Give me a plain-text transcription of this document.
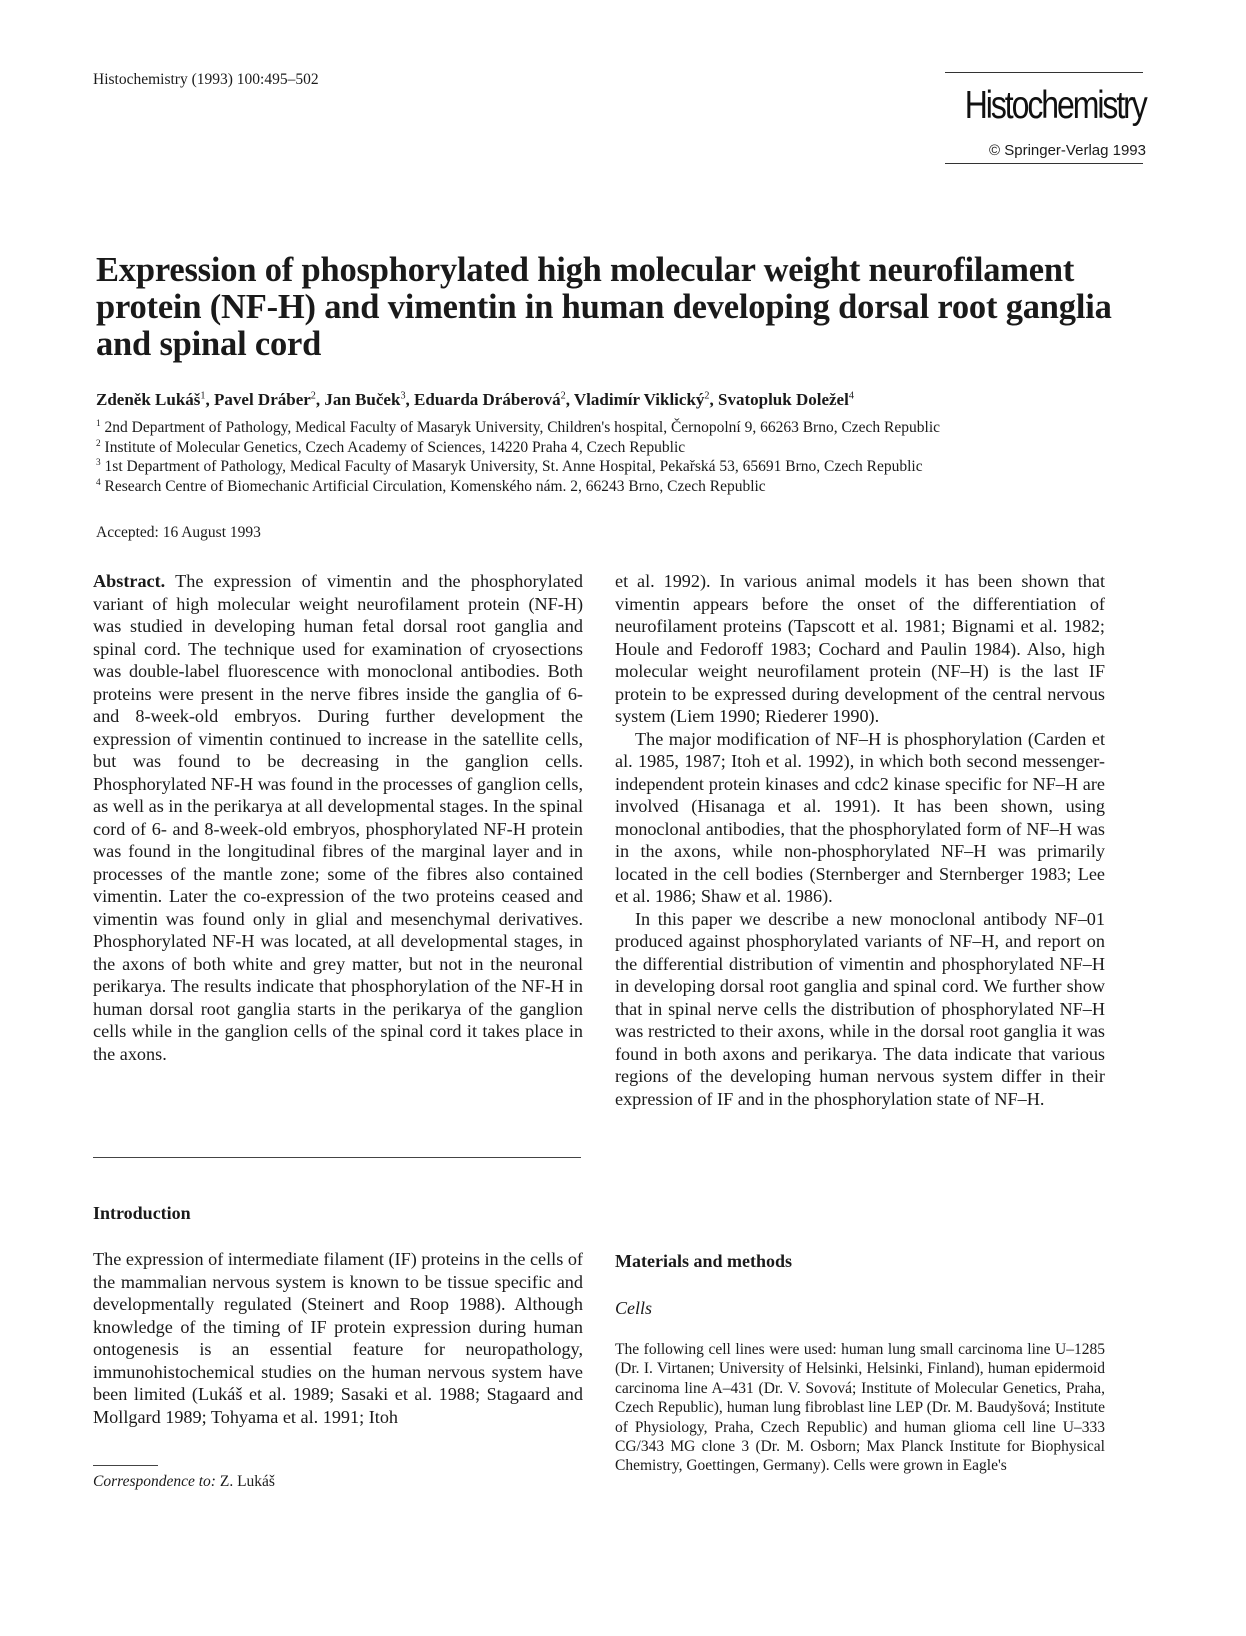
Histochemistry (1993) 100:495–502
Histochemistry
© Springer-Verlag 1993
Expression of phosphorylated high molecular weight neurofilament protein (NF-H) and vimentin in human developing dorsal root ganglia and spinal cord
Zdeněk Lukáš$^1$, Pavel Dráber$^2$, Jan Buček$^3$, Eduarda Dráberová$^2$, Vladimír Viklický$^2$, Svatopluk Doležel$^4$
$^1$ 2nd Department of Pathology, Medical Faculty of Masaryk University, Children's hospital, Černopolní 9, 66263 Brno, Czech Republic
$^2$ Institute of Molecular Genetics, Czech Academy of Sciences, 14220 Praha 4, Czech Republic
$^3$ 1st Department of Pathology, Medical Faculty of Masaryk University, St. Anne Hospital, Pekařská 53, 65691 Brno, Czech Republic
$^4$ Research Centre of Biomechanic Artificial Circulation, Komenského nám. 2, 66243 Brno, Czech Republic
Accepted: 16 August 1993

Abstract. The expression of vimentin and the phosphorylated variant of high molecular weight neurofilament protein (NF-H) was studied in developing human fetal dorsal root ganglia and spinal cord. The technique used for examination of cryosections was double-label fluorescence with monoclonal antibodies. Both proteins were present in the nerve fibres inside the ganglia of 6- and 8-week-old embryos. During further development the expression of vimentin continued to increase in the satellite cells, but was found to be decreasing in the ganglion cells. Phosphorylated NF-H was found in the processes of ganglion cells, as well as in the perikarya at all developmental stages. In the spinal cord of 6- and 8-week-old embryos, phosphorylated NF-H protein was found in the longitudinal fibres of the marginal layer and in processes of the mantle zone; some of the fibres also contained vimentin. Later the co-expression of the two proteins ceased and vimentin was found only in glial and mesenchymal derivatives. Phosphorylated NF-H was located, at all developmental stages, in the axons of both white and grey matter, but not in the neuronal perikarya. The results indicate that phosphorylation of the NF-H in human dorsal root ganglia starts in the perikarya of the ganglion cells while in the ganglion cells of the spinal cord it takes place in the axons.

Introduction

The expression of intermediate filament (IF) proteins in the cells of the mammalian nervous system is known to be tissue specific and developmentally regulated (Steinert and Roop 1988). Although knowledge of the timing of IF protein expression during human ontogenesis is an essential feature for neuropathology, immunohistochemical studies on the human nervous system have been limited (Lukáš et al. 1989; Sasaki et al. 1988; Stagaard and Mollgard 1989; Tohyama et al. 1991; Itoh

Correspondence to: Z. Lukáš

et al. 1992). In various animal models it has been shown that vimentin appears before the onset of the differentiation of neurofilament proteins (Tapscott et al. 1981; Bignami et al. 1982; Houle and Fedoroff 1983; Cochard and Paulin 1984). Also, high molecular weight neurofilament protein (NF–H) is the last IF protein to be expressed during development of the central nervous system (Liem 1990; Riederer 1990).

The major modification of NF–H is phosphorylation (Carden et al. 1985, 1987; Itoh et al. 1992), in which both second messenger-independent protein kinases and cdc2 kinase specific for NF–H are involved (Hisanaga et al. 1991). It has been shown, using monoclonal antibodies, that the phosphorylated form of NF–H was in the axons, while non-phosphorylated NF–H was primarily located in the cell bodies (Sternberger and Sternberger 1983; Lee et al. 1986; Shaw et al. 1986).

In this paper we describe a new monoclonal antibody NF–01 produced against phosphorylated variants of NF–H, and report on the differential distribution of vimentin and phosphorylated NF–H in developing dorsal root ganglia and spinal cord. We further show that in spinal nerve cells the distribution of phosphorylated NF–H was restricted to their axons, while in the dorsal root ganglia it was found in both axons and perikarya. The data indicate that various regions of the developing human nervous system differ in their expression of IF and in the phosphorylation state of NF–H.

Materials and methods
Cells
The following cell lines were used: human lung small carcinoma line U–1285 (Dr. I. Virtanen; University of Helsinki, Helsinki, Finland), human epidermoid carcinoma line A–431 (Dr. V. Sovová; Institute of Molecular Genetics, Praha, Czech Republic), human lung fibroblast line LEP (Dr. M. Baudyšová; Institute of Physiology, Praha, Czech Republic) and human glioma cell line U–333 CG/343 MG clone 3 (Dr. M. Osborn; Max Planck Institute for Biophysical Chemistry, Goettingen, Germany). Cells were grown in Eagle's
